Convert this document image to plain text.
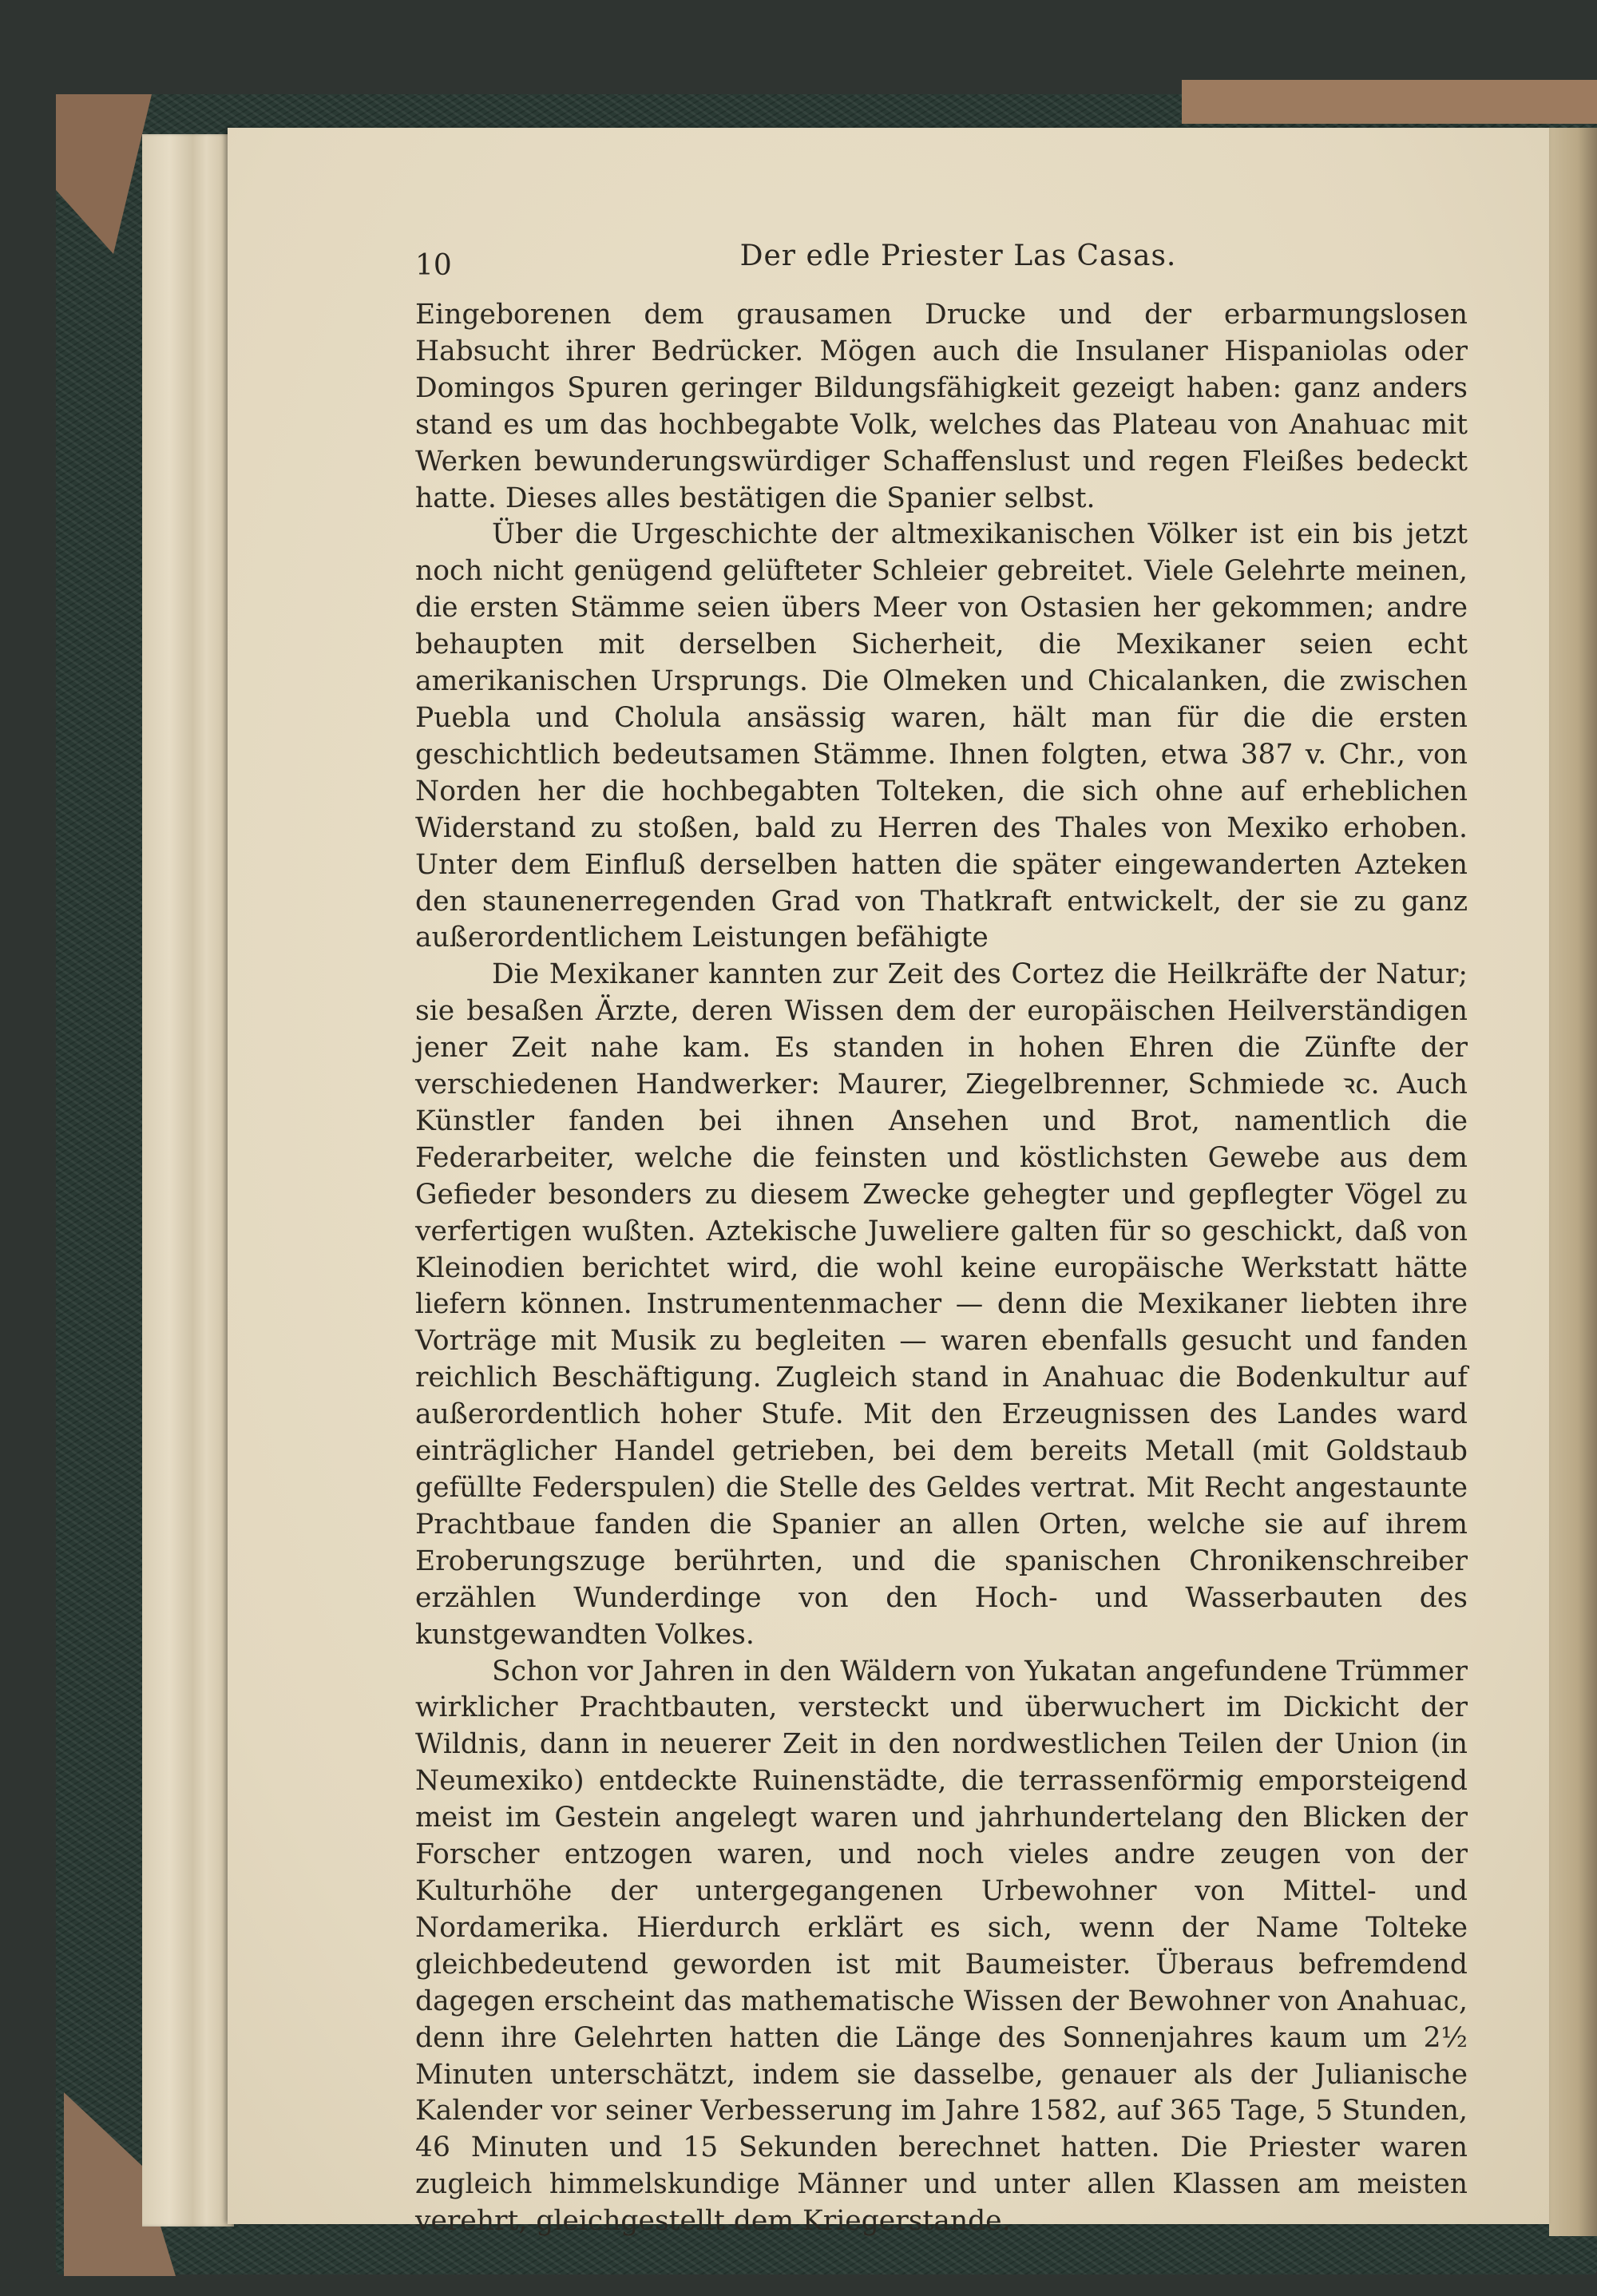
10	Der edle Priester Las Casas.

Eingeborenen dem grausamen Drucke und der erbarmungslosen Habsucht ihrer Bedrücker. Mögen auch die Insulaner Hispaniolas oder Domingos Spuren geringer Bildungsfähigkeit gezeigt haben: ganz anders stand es um das hochbegabte Volk, welches das Plateau von Anahuac mit Werken bewunderungswürdiger Schaffenslust und regen Fleißes bedeckt hatte. Dieses alles bestätigen die Spanier selbst.

Über die Urgeschichte der altmexikanischen Völker ist ein bis jetzt noch nicht genügend gelüfteter Schleier gebreitet. Viele Gelehrte meinen, die ersten Stämme seien übers Meer von Ostasien her gekommen; andre behaupten mit derselben Sicherheit, die Mexikaner seien echt amerikanischen Ursprungs. Die Olmeken und Chicalanken, die zwischen Puebla und Cholula ansässig waren, hält man für die die ersten geschichtlich bedeutsamen Stämme. Ihnen folgten, etwa 387 v. Chr., von Norden her die hochbegabten Tolteken, die sich ohne auf erheblichen Widerstand zu stoßen, bald zu Herren des Thales von Mexiko erhoben. Unter dem Einfluß derselben hatten die später eingewanderten Azteken den staunenerregenden Grad von Thatkraft entwickelt, der sie zu ganz außerordentlichem Leistungen befähigte

Die Mexikaner kannten zur Zeit des Cortez die Heilkräfte der Natur; sie besaßen Ärzte, deren Wissen dem der europäischen Heilverständigen jener Zeit nahe kam. Es standen in hohen Ehren die Zünfte der verschiedenen Handwerker: Maurer, Ziegelbrenner, Schmiede ꝛc. Auch Künstler fanden bei ihnen Ansehen und Brot, namentlich die Federarbeiter, welche die feinsten und köstlichsten Gewebe aus dem Gefieder besonders zu diesem Zwecke gehegter und gepflegter Vögel zu verfertigen wußten. Aztekische Juweliere galten für so geschickt, daß von Kleinodien berichtet wird, die wohl keine europäische Werkstatt hätte liefern können. Instrumentenmacher — denn die Mexikaner liebten ihre Vorträge mit Musik zu begleiten — waren ebenfalls gesucht und fanden reichlich Beschäftigung. Zugleich stand in Anahuac die Bodenkultur auf außerordentlich hoher Stufe. Mit den Erzeugnissen des Landes ward einträglicher Handel getrieben, bei dem bereits Metall (mit Goldstaub gefüllte Federspulen) die Stelle des Geldes vertrat. Mit Recht angestaunte Prachtbaue fanden die Spanier an allen Orten, welche sie auf ihrem Eroberungszuge berührten, und die spanischen Chronikenschreiber erzählen Wunderdinge von den Hoch- und Wasserbauten des kunstgewandten Volkes.

Schon vor Jahren in den Wäldern von Yukatan angefundene Trümmer wirklicher Prachtbauten, versteckt und überwuchert im Dickicht der Wildnis, dann in neuerer Zeit in den nordwestlichen Teilen der Union (in Neumexiko) entdeckte Ruinenstädte, die terrassenförmig emporsteigend meist im Gestein angelegt waren und jahrhundertelang den Blicken der Forscher entzogen waren, und noch vieles andre zeugen von der Kulturhöhe der untergegangenen Urbewohner von Mittel- und Nordamerika. Hierdurch erklärt es sich, wenn der Name Tolteke gleichbedeutend geworden ist mit Baumeister. Überaus befremdend dagegen erscheint das mathematische Wissen der Bewohner von Anahuac, denn ihre Gelehrten hatten die Länge des Sonnenjahres kaum um 2½ Minuten unterschätzt, indem sie dasselbe, genauer als der Julianische Kalender vor seiner Verbesserung im Jahre 1582, auf 365 Tage, 5 Stunden, 46 Minuten und 15 Sekunden berechnet hatten. Die Priester waren zugleich himmelskundige Männer und unter allen Klassen am meisten verehrt, gleichgestellt dem Kriegerstande.
